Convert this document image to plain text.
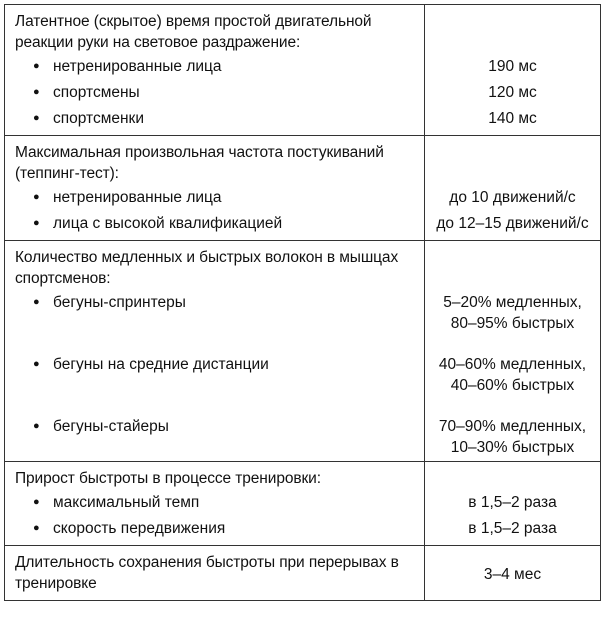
Латентное (скрытое) время простой двигательной реакции руки на световое раздражение:
● нетренированные лица
● спортсмены
● спортсменки
190 мс
120 мс
140 мс
Максимальная произвольная частота постукиваний (теппинг-тест):
● нетренированные лица
● лица с высокой квалификацией
до 10 движений/с
до 12–15 движений/с
Количество медленных и быстрых волокон в мышцах спортсменов:
● бегуны-спринтеры
● бегуны на средние дистанции
● бегуны-стайеры
5–20% медленных,
80–95% быстрых
40–60% медленных,
40–60% быстрых
70–90% медленных,
10–30% быстрых
Прирост быстроты в процессе тренировки:
● максимальный темп
● скорость передвижения
в 1,5–2 раза
в 1,5–2 раза
Длительность сохранения быстроты при перерывах в тренировке
3–4 мес
